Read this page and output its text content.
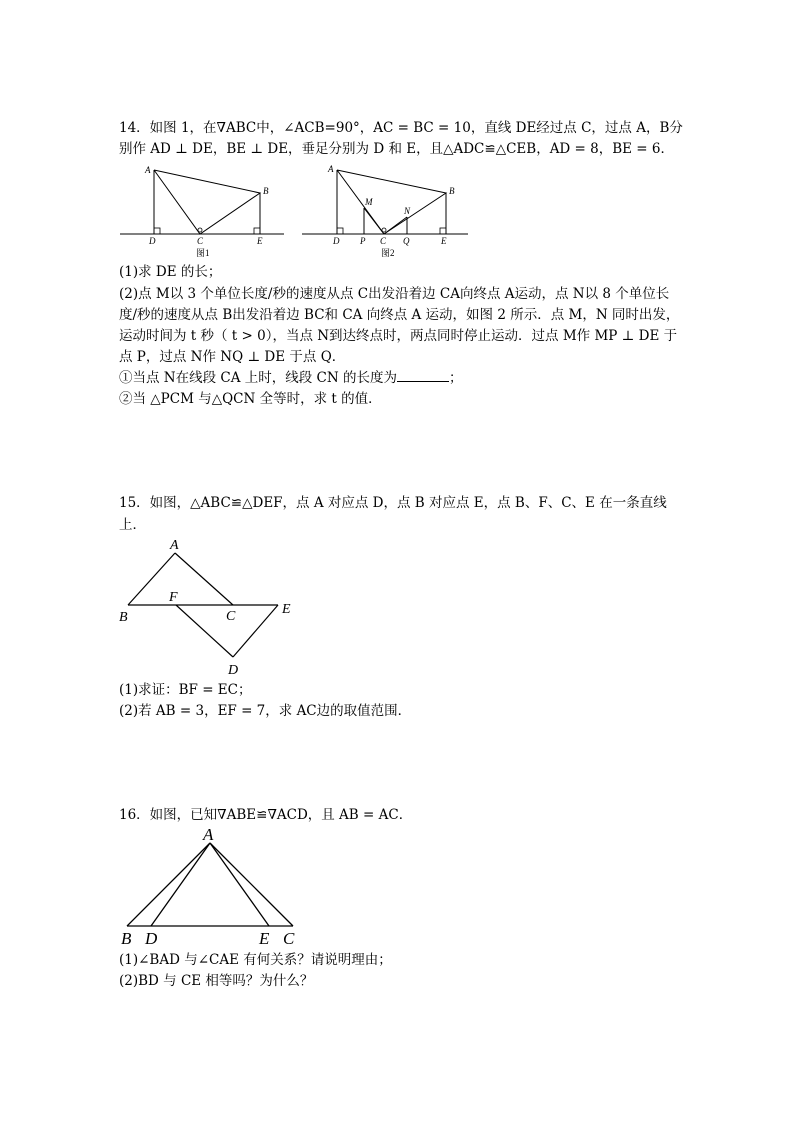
14．如图 1，在∇ABC中，∠ACB=90°，AC = BC = 10，直线 DE经过点 C，过点 A，B分
别作 AD ⊥ DE，BE ⊥ DE，垂足分别为 D 和 E，且△ADC≌△CEB，AD = 8，BE = 6．
A
B
C
D	E
图1
A
B
M
N
D P C Q	E
图2
(1)求 DE 的长；
(2)点 M以 3 个单位长度/秒的速度从点 C出发沿着边 CA向终点 A运动，点 N以 8 个单位长
度/秒的速度从点 B出发沿着边 BC和 CA 向终点 A 运动，如图 2 所示．点 M，N 同时出发，
运动时间为 t 秒（ t > 0），当点 N到达终点时，两点同时停止运动．过点 M作 MP ⊥ DE 于
点 P，过点 N作 NQ ⊥ DE 于点 Q．
①当点 N在线段 CA 上时，线段 CN 的长度为	；
②当 △PCM 与△QCN 全等时，求 t 的值．
15．如图，△ABC≌△DEF，点 A 对应点 D，点 B 对应点 E，点 B、F、C、E 在一条直线
上．
A
B
F
C	E
D
(1)求证：BF = EC；
(2)若 AB = 3，EF = 7，求 AC边的取值范围．
16．如图，已知∇ABE≌∇ACD，且 AB = AC．
A
B D	E C
(1)∠BAD 与∠CAE 有何关系？请说明理由；
(2)BD 与 CE 相等吗？为什么？
